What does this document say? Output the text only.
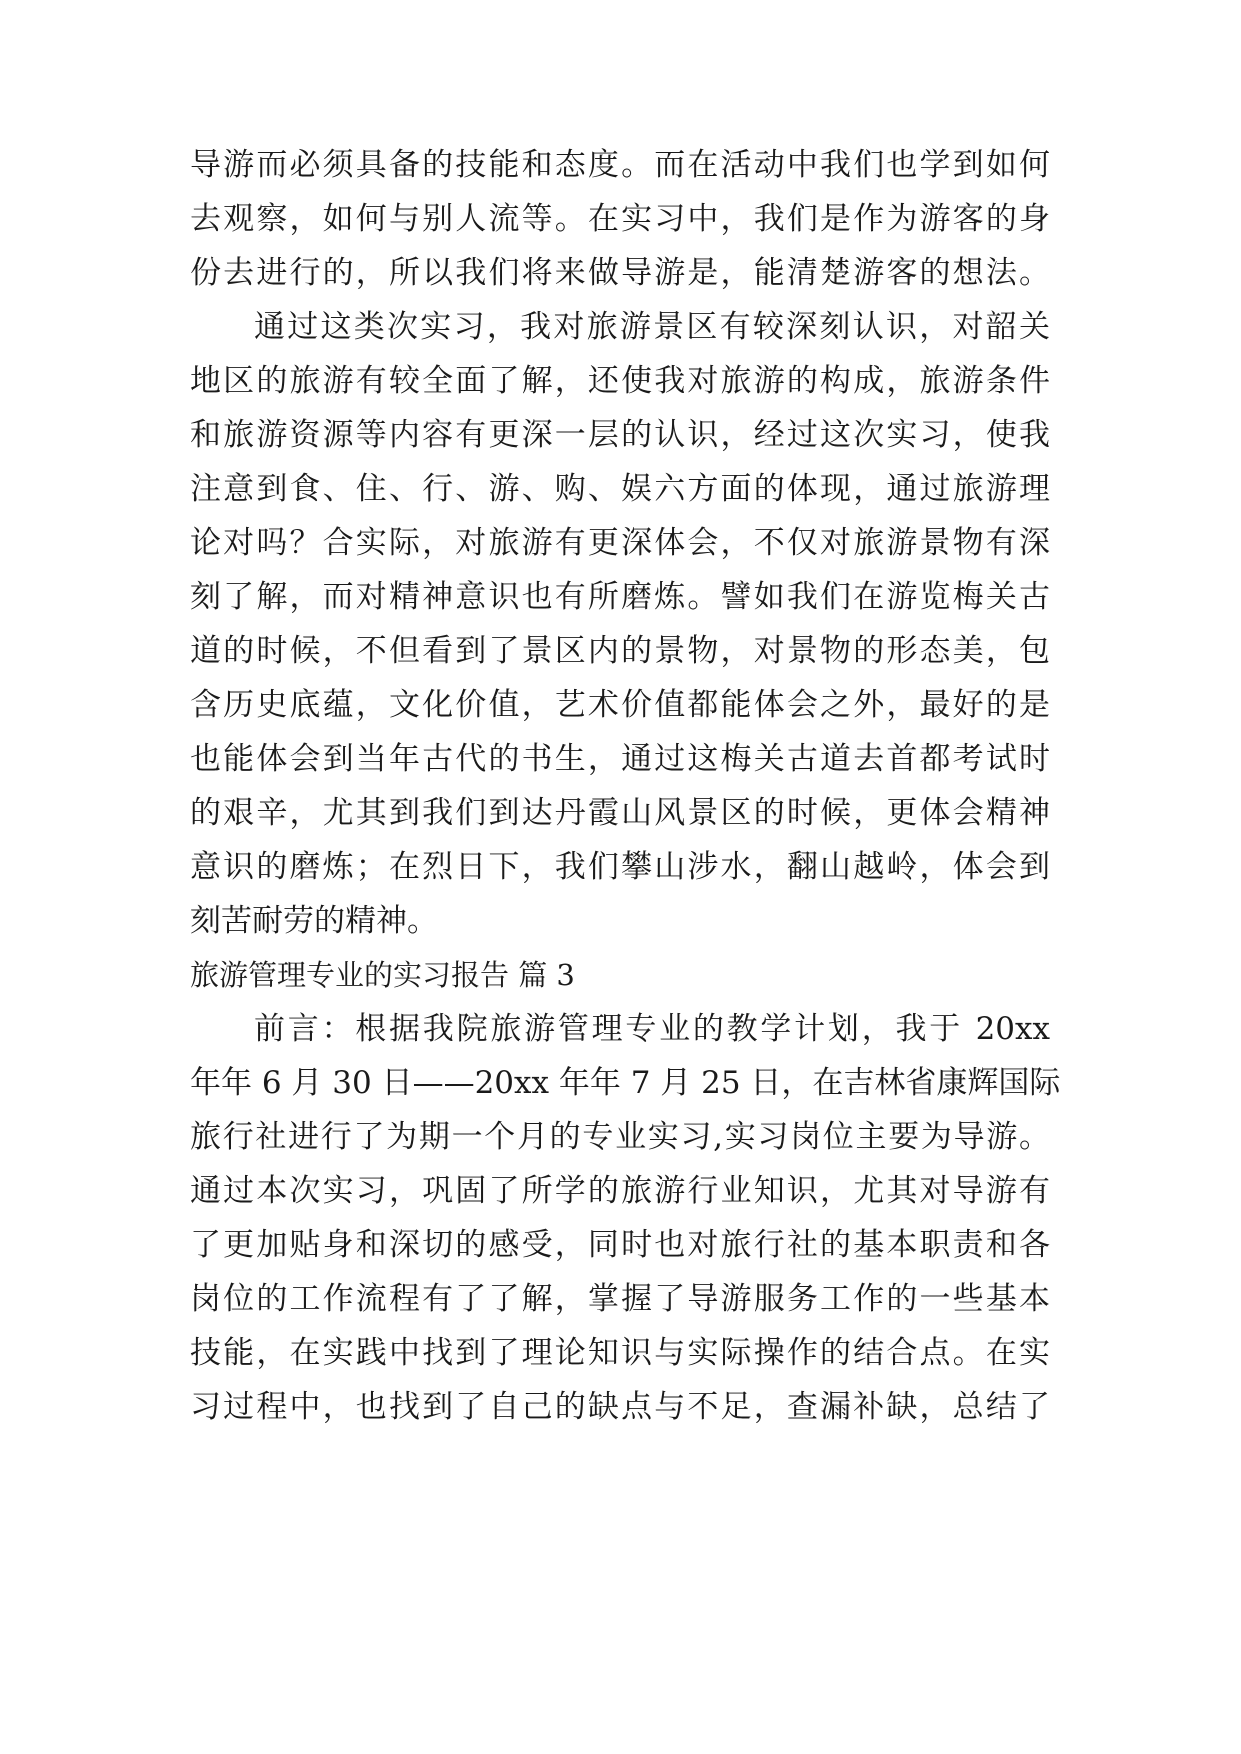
导游而必须具备的技能和态度。而在活动中我们也学到如何
去观察，如何与别人流等。在实习中，我们是作为游客的身
份去进行的，所以我们将来做导游是，能清楚游客的想法。
通过这类次实习，我对旅游景区有较深刻认识，对韶关
地区的旅游有较全面了解，还使我对旅游的构成，旅游条件
和旅游资源等内容有更深一层的认识，经过这次实习，使我
注意到食、住、行、游、购、娱六方面的体现，通过旅游理
论对吗？合实际，对旅游有更深体会，不仅对旅游景物有深
刻了解，而对精神意识也有所磨炼。譬如我们在游览梅关古
道的时候，不但看到了景区内的景物，对景物的形态美，包
含历史底蕴，文化价值，艺术价值都能体会之外，最好的是
也能体会到当年古代的书生，通过这梅关古道去首都考试时
的艰辛，尤其到我们到达丹霞山风景区的时候，更体会精神
意识的磨炼；在烈日下，我们攀山涉水，翻山越岭，体会到
刻苦耐劳的精神。
旅游管理专业的实习报告 篇 3
前言：根据我院旅游管理专业的教学计划，我于 20xx
年年 6 月 30 日——20xx 年年 7 月 25 日，在吉林省康辉国际
旅行社进行了为期一个月的专业实习,实习岗位主要为导游。
通过本次实习，巩固了所学的旅游行业知识，尤其对导游有
了更加贴身和深切的感受，同时也对旅行社的基本职责和各
岗位的工作流程有了了解，掌握了导游服务工作的一些基本
技能，在实践中找到了理论知识与实际操作的结合点。在实
习过程中，也找到了自己的缺点与不足，查漏补缺，总结了
